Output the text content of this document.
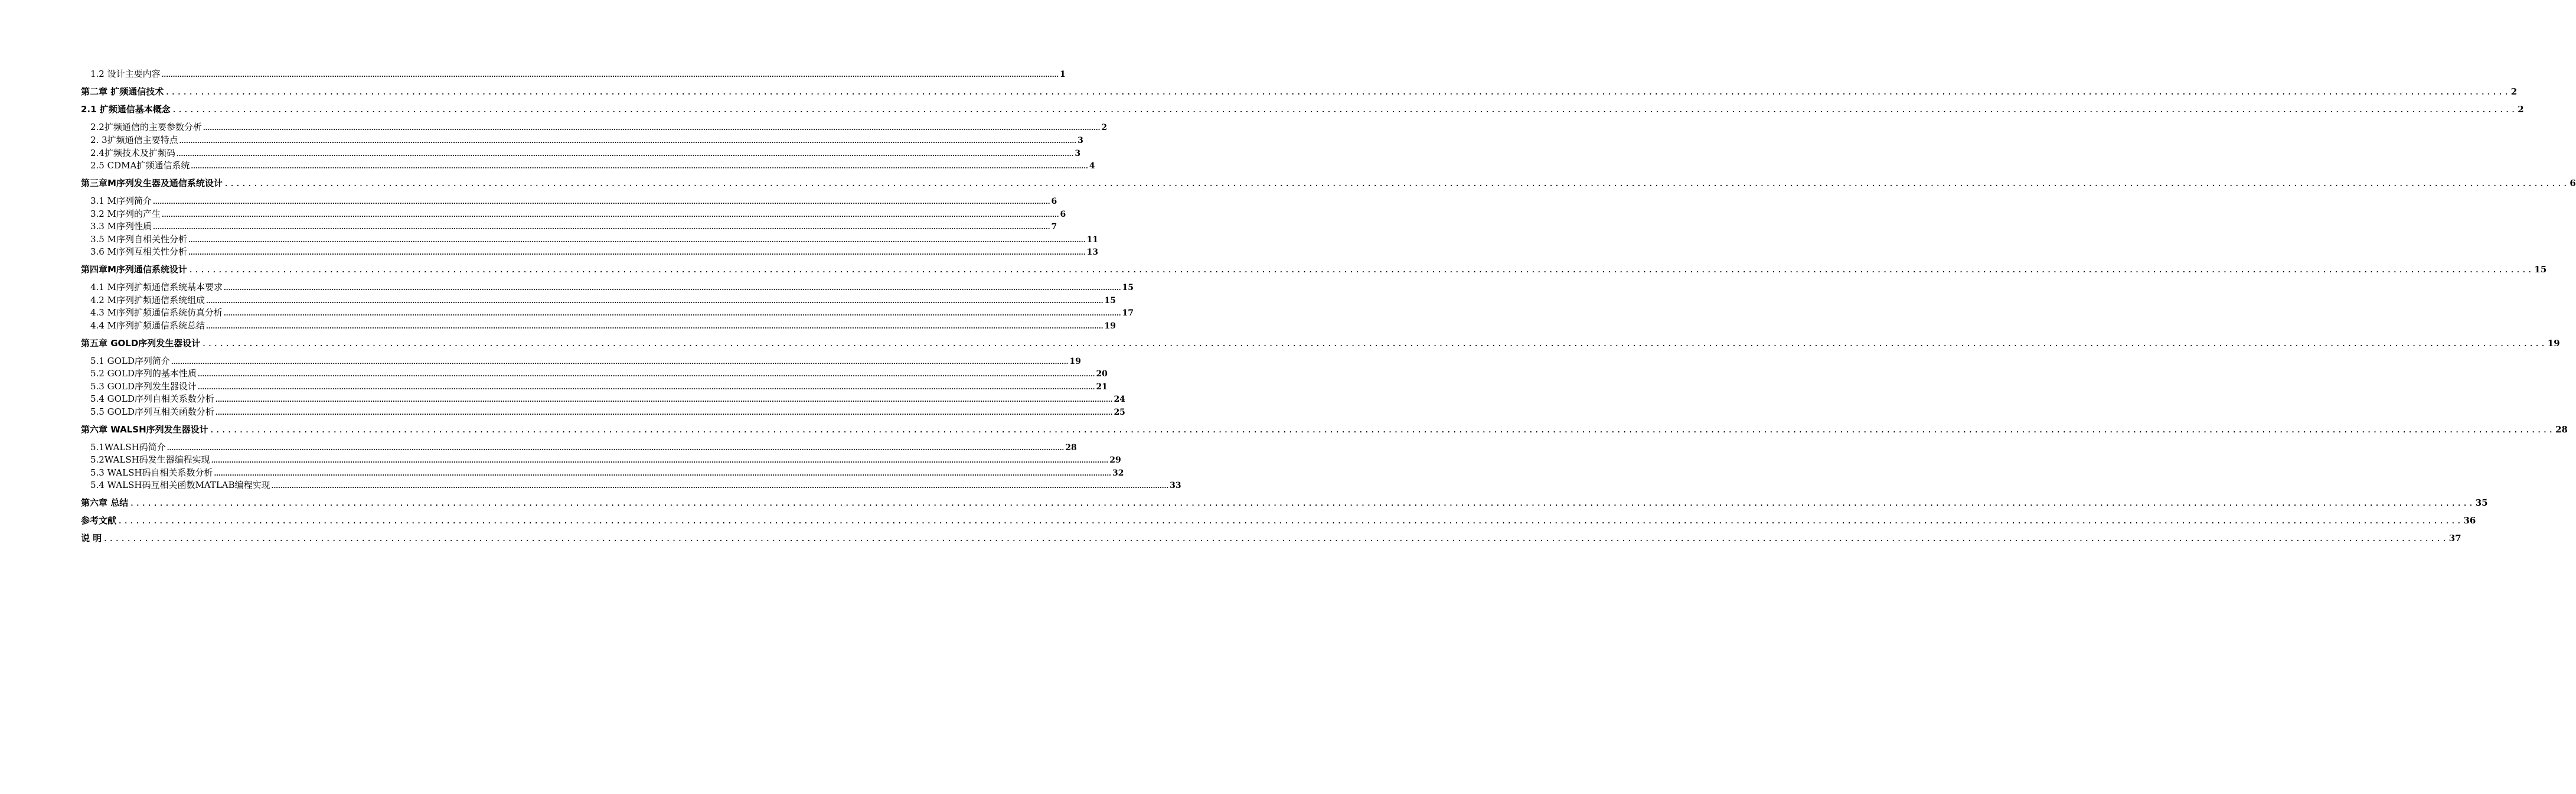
1.2 设计主要内容 ................................................................................................................................................................................................................................................................................................................................................................................................................ 1
第二章 扩频通信技术 ................................................................................................................................................................................................................................................................................................................................................................................................................ 2
2.1 扩频通信基本概念 ................................................................................................................................................................................................................................................................................................................................................................................................................ 2
2.2扩频通信的主要参数分析 ................................................................................................................................................................................................................................................................................................................................................................................................................ 2
2. 3扩频通信主要特点 ................................................................................................................................................................................................................................................................................................................................................................................................................ 3
2.4扩频技术及扩频码 ................................................................................................................................................................................................................................................................................................................................................................................................................ 3
2.5 CDMA扩频通信系统 ................................................................................................................................................................................................................................................................................................................................................................................................................ 4
第三章M序列发生器及通信系统设计 ................................................................................................................................................................................................................................................................................................................................................................................................................ 6
3.1 M序列简介 ................................................................................................................................................................................................................................................................................................................................................................................................................ 6
3.2 M序列的产生 ................................................................................................................................................................................................................................................................................................................................................................................................................ 6
3.3 M序列性质 ................................................................................................................................................................................................................................................................................................................................................................................................................ 7
3.5 M序列自相关性分析 ................................................................................................................................................................................................................................................................................................................................................................................................................ 11
3.6 M序列互相关性分析 ................................................................................................................................................................................................................................................................................................................................................................................................................ 13
第四章M序列通信系统设计 ................................................................................................................................................................................................................................................................................................................................................................................................................ 15
4.1 M序列扩频通信系统基本要求 ................................................................................................................................................................................................................................................................................................................................................................................................................ 15
4.2 M序列扩频通信系统组成 ................................................................................................................................................................................................................................................................................................................................................................................................................ 15
4.3 M序列扩频通信系统仿真分析 ................................................................................................................................................................................................................................................................................................................................................................................................................ 17
4.4 M序列扩频通信系统总结 ................................................................................................................................................................................................................................................................................................................................................................................................................ 19
第五章 GOLD序列发生器设计 ................................................................................................................................................................................................................................................................................................................................................................................................................ 19
5.1 GOLD序列简介 ................................................................................................................................................................................................................................................................................................................................................................................................................ 19
5.2 GOLD序列的基本性质 ................................................................................................................................................................................................................................................................................................................................................................................................................ 20
5.3 GOLD序列发生器设计 ................................................................................................................................................................................................................................................................................................................................................................................................................ 21
5.4 GOLD序列自相关系数分析 ................................................................................................................................................................................................................................................................................................................................................................................................................ 24
5.5 GOLD序列互相关函数分析 ................................................................................................................................................................................................................................................................................................................................................................................................................ 25
第六章 WALSH序列发生器设计 ................................................................................................................................................................................................................................................................................................................................................................................................................ 28
5.1WALSH码简介 ................................................................................................................................................................................................................................................................................................................................................................................................................ 28
5.2WALSH码发生器编程实现 ................................................................................................................................................................................................................................................................................................................................................................................................................ 29
5.3 WALSH码自相关系数分析 ................................................................................................................................................................................................................................................................................................................................................................................................................ 32
5.4 WALSH码互相关函数MATLAB编程实现 ................................................................................................................................................................................................................................................................................................................................................................................................................ 33
第六章 总结 ................................................................................................................................................................................................................................................................................................................................................................................................................ 35
参考文献 ................................................................................................................................................................................................................................................................................................................................................................................................................ 36
说 明 ................................................................................................................................................................................................................................................................................................................................................................................................................ 37
